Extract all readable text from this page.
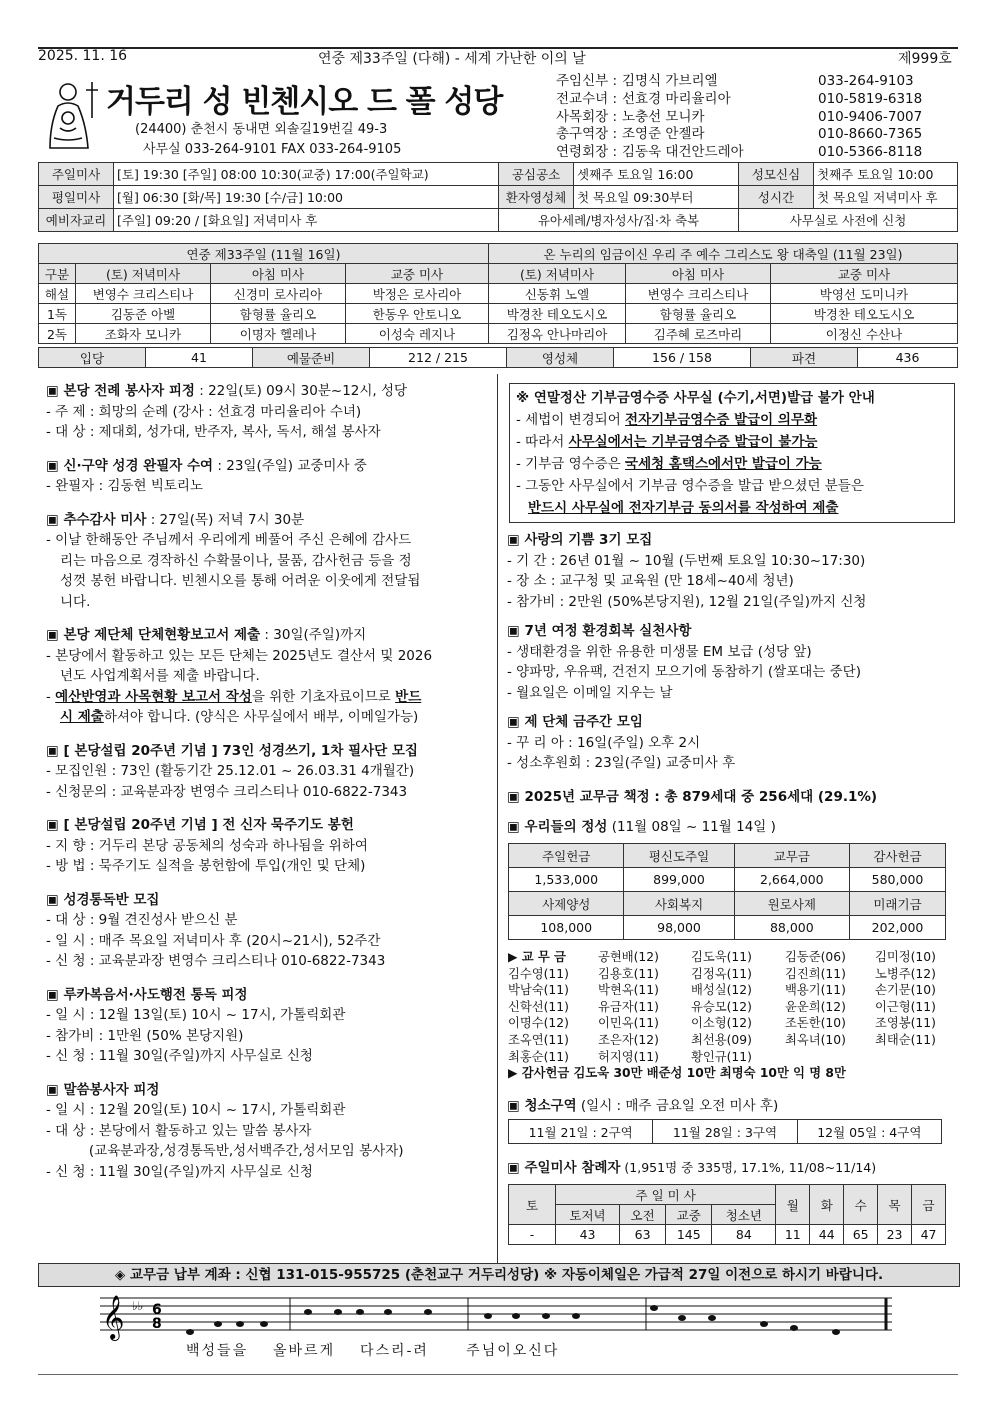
2025. 11. 16	연중 제33주일 (다해) - 세계 가난한 이의 날	제999호
거두리 성 빈첸시오 드 폴 성당
(24400) 춘천시 동내면 외솔길19번길 49-3
사무실 033-264-9101 FAX 033-264-9105
주임신부 : 김명식 가브리엘	033-264-9103
전교수녀 : 선효경 마리율리아	010-5819-6318
사목회장 : 노충선 모니카	010-9406-7007
총구역장 : 조영준 안젤라	010-8660-7365
연령회장 : 김동욱 대건안드레아	010-5366-8118
주일미사	[토] 19:30 [주일] 08:00 10:30(교중) 17:00(주일학교)	공심공소	셋째주 토요일 16:00	성모신심	첫째주 토요일 10:00
평일미사	[월] 06:30 [화/목] 19:30 [수/금] 10:00	환자영성체	첫 목요일 09:30부터	성시간	첫 목요일 저녁미사 후
예비자교리	[주일] 09:20 / [화요일] 저녁미사 후	유아세례/병자성사/집·차 축복		사무실로 사전에 신청	
연중 제33주일 (11월 16일)				온 누리의 임금이신 우리 주 예수 그리스도 왕 대축일 (11월 23일)		
구분	(토) 저녁미사	아침 미사	교중 미사	(토) 저녁미사	아침 미사	교중 미사
해설	변영수 크리스티나	신경미 로사리아	박정은 로사리아	신동휘 노엘	변영수 크리스티나	박영선 도미니카
1독	김동준 아벨	함형률 율리오	한동우 안토니오	박경찬 테오도시오	함형률 율리오	박경찬 테오도시오
2독	조화자 모니카	이명자 헬레나	이성숙 레지나	김정옥 안나마리아	김주혜 로즈마리	이정신 수산나
입당	41	예물준비	212 / 215	영성체	156 / 158	파견	436
▣ 본당 전례 봉사자 피정 : 22일(토) 09시 30분~12시, 성당
- 주 제 : 희망의 순례 (강사 : 선효경 마리율리아 수녀)
- 대 상 : 제대회, 성가대, 반주자, 복사, 독서, 해설 봉사자
▣ 신·구약 성경 완필자 수여 : 23일(주일) 교중미사 중
- 완필자 : 김동현 빅토리노
▣ 추수감사 미사 : 27일(목) 저녁 7시 30분
- 이날 한해동안 주님께서 우리에게 베풀어 주신 은혜에 감사드
리는 마음으로 경작하신 수확물이나, 물품, 감사헌금 등을 정
성껏 봉헌 바랍니다. 빈첸시오를 통해 어려운 이웃에게 전달됩
니다.
▣ 본당 제단체 단체현황보고서 제출 : 30일(주일)까지
- 본당에서 활동하고 있는 모든 단체는 2025년도 결산서 및 2026
년도 사업계획서를 제출 바랍니다.
- 예산반영과 사목현황 보고서 작성을 위한 기초자료이므로 반드
시 제출하셔야 합니다. (양식은 사무실에서 배부, 이메일가능)
▣ [ 본당설립 20주년 기념 ] 73인 성경쓰기, 1차 필사단 모집
- 모집인원 : 73인 (활동기간 25.12.01 ~ 26.03.31 4개월간)
- 신청문의 : 교육분과장 변영수 크리스티나 010-6822-7343
▣ [ 본당설립 20주년 기념 ] 전 신자 묵주기도 봉헌
- 지 향 : 거두리 본당 공동체의 성숙과 하나됨을 위하여
- 방 법 : 묵주기도 실적을 봉헌함에 투입(개인 및 단체)
▣ 성경통독반 모집
- 대 상 : 9월 견진성사 받으신 분
- 일 시 : 매주 목요일 저녁미사 후 (20시~21시), 52주간
- 신 청 : 교육분과장 변영수 크리스티나 010-6822-7343
▣ 루카복음서·사도행전 통독 피정
- 일 시 : 12월 13일(토) 10시 ~ 17시, 가톨릭회관
- 참가비 : 1만원 (50% 본당지원)
- 신 청 : 11월 30일(주일)까지 사무실로 신청
▣ 말씀봉사자 피정
- 일 시 : 12월 20일(토) 10시 ~ 17시, 가톨릭회관
- 대 상 : 본당에서 활동하고 있는 말씀 봉사자
(교육분과장,성경통독반,성서백주간,성서모임 봉사자)
- 신 청 : 11월 30일(주일)까지 사무실로 신청
※ 연말정산 기부금영수증 사무실 (수기,서면)발급 불가 안내
- 세법이 변경되어 전자기부금영수증 발급이 의무화
- 따라서 사무실에서는 기부금영수증 발급이 불가능
- 기부금 영수증은 국세청 홈택스에서만 발급이 가능
- 그동안 사무실에서 기부금 영수증을 발급 받으셨던 분들은
반드시 사무실에 전자기부금 동의서를 작성하여 제출
▣ 사랑의 기쁨 3기 모집
- 기 간 : 26년 01월 ~ 10월 (두번째 토요일 10:30~17:30)
- 장 소 : 교구청 및 교육원 (만 18세~40세 청년)
- 참가비 : 2만원 (50%본당지원), 12월 21일(주일)까지 신청
▣ 7년 여정 환경회복 실천사항
- 생태환경을 위한 유용한 미생물 EM 보급 (성당 앞)
- 양파망, 우유팩, 건전지 모으기에 동참하기 (쌀포대는 중단)
- 월요일은 이메일 지우는 날
▣ 제 단체 금주간 모임
- 꾸 리 아 : 16일(주일) 오후 2시
- 성소후원회 : 23일(주일) 교중미사 후
▣ 2025년 교무금 책정 : 총 879세대 중 256세대 (29.1%)
▣ 우리들의 정성 (11월 08일 ~ 11월 14일 )
주일헌금	평신도주일	교무금	감사헌금
1,533,000	899,000	2,664,000	580,000
사제양성	사회복지	원로사제	미래기금
108,000	98,000	88,000	202,000
▶ 교 무 금	공현배(12)	김도욱(11)	김동준(06)	김미정(10)
김수영(11)	김용호(11)	김정옥(11)	김진희(11)	노병주(12)
박남숙(11)	박현옥(11)	배성실(12)	백용기(11)	손기문(10)
신학선(11)	유금자(11)	유승모(12)	윤운희(12)	이근형(11)
이명수(12)	이민옥(11)	이소형(12)	조돈한(10)	조영봉(11)
조옥연(11)	조은자(12)	최선용(09)	최옥녀(10)	최태순(11)
최홍순(11)	허지영(11)	황인규(11)
▶ 감사헌금 김도욱 30만 배준성 10만 최명숙 10만 익 명 8만
▣ 청소구역 (일시 : 매주 금요일 오전 미사 후)
11월 21일 : 2구역	11월 28일 : 3구역	12월 05일 : 4구역
▣ 주일미사 참례자 (1,951명 중 335명, 17.1%, 11/08~11/14)
토	주 일 미 사				월	화	수	목	금
	토저녁	오전	교중	청소년					
-	43	63	145	84	11	44	65	23	47
◈ 교무금 납부 계좌 : 신협 131-015-955725 (춘천교구 거두리성당) ※ 자동이체일은 가급적 27일 이전으로 하시기 바랍니다.
𝄞 ♭♭ 6
8
백성들을  올바르게  다스리-려   주님이오신다
